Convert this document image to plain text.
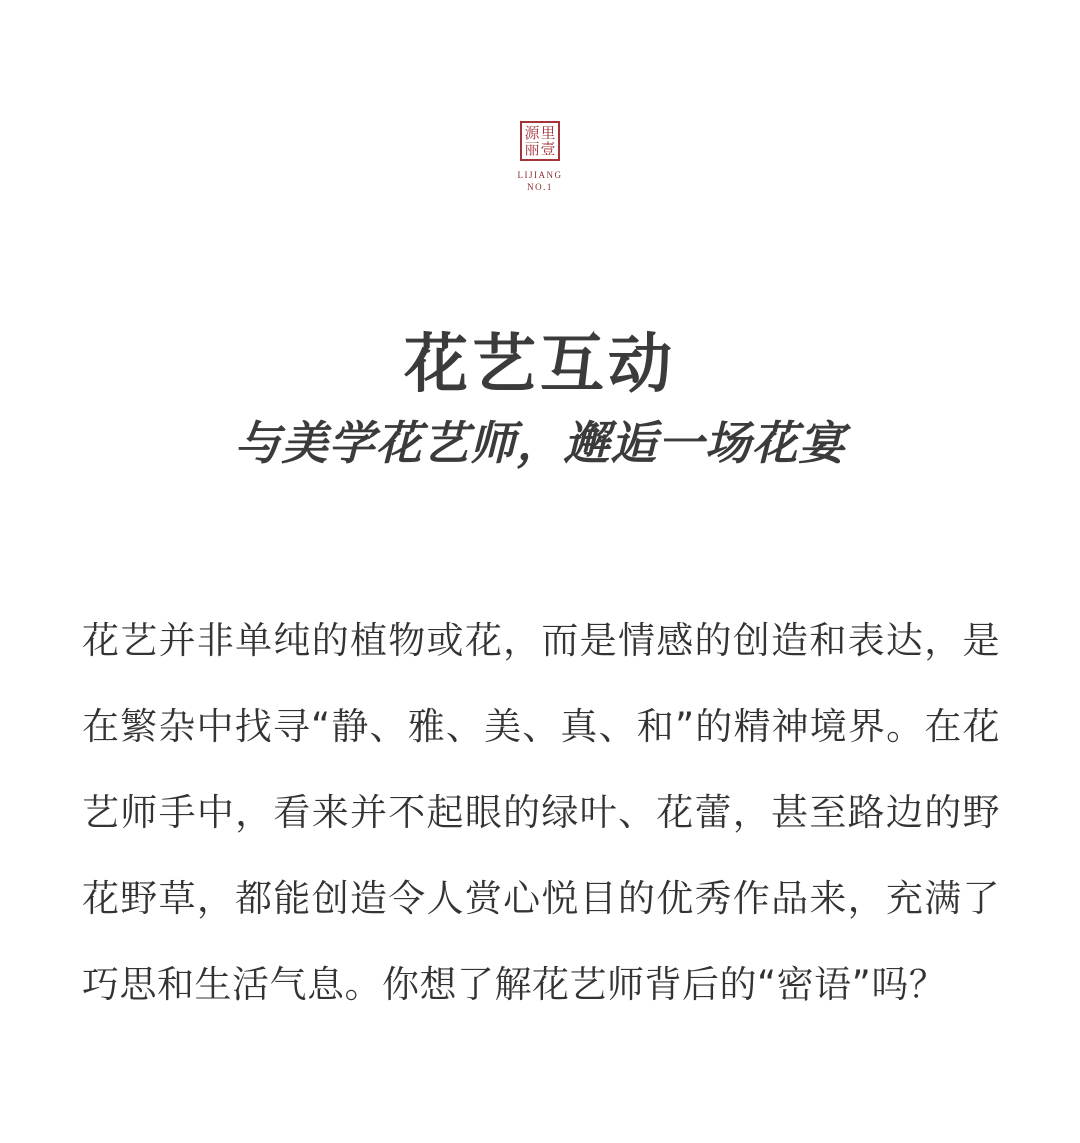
源 里
丽 壹
LIJIANG
NO.1
花艺互动
与美学花艺师，邂逅一场花宴

花艺并非单纯的植物或花，而是情感的创造和表达，是在繁杂中找寻“静、雅、美、真、和”的精神境界。在花艺师手中，看来并不起眼的绿叶、花蕾，甚至路边的野花野草，都能创造令人赏心悦目的优秀作品来，充满了巧思和生活气息。你想了解花艺师背后的“密语”吗？
